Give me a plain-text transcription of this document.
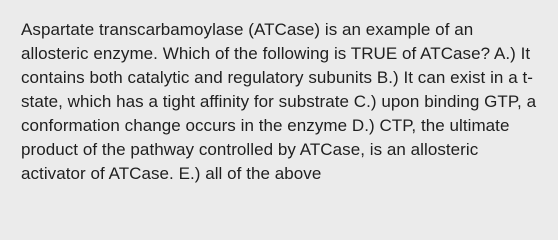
Aspartate transcarbamoylase (ATCase) is an example of an allosteric enzyme. Which of the following is TRUE of ATCase? A.) It contains both catalytic and regulatory subunits B.) It can exist in a t-state, which has a tight affinity for substrate C.) upon binding GTP, a conformation change occurs in the enzyme D.) CTP, the ultimate product of the pathway controlled by ATCase, is an allosteric activator of ATCase. E.) all of the above
